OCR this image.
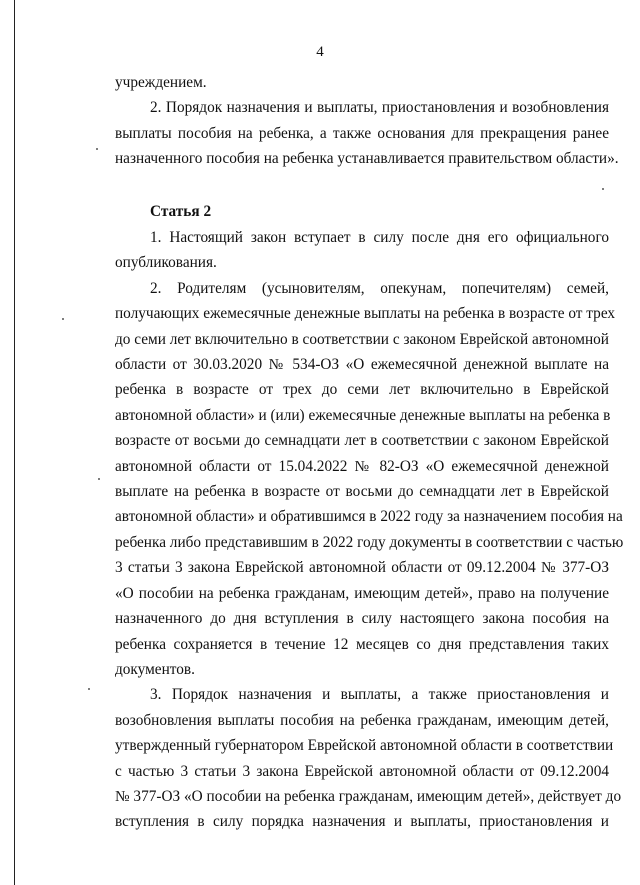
4
учреждением.
2. Порядок назначения и выплаты, приостановления и возобновления
выплаты пособия на ребенка, а также основания для прекращения ранее
назначенного пособия на ребенка устанавливается правительством области».
Статья 2
1. Настоящий закон вступает в силу после дня его официального
опубликования.
2. Родителям (усыновителям, опекунам, попечителям) семей,
получающих ежемесячные денежные выплаты на ребенка в возрасте от трех
до семи лет включительно в соответствии с законом Еврейской автономной
области от 30.03.2020 № 534-ОЗ «О ежемесячной денежной выплате на
ребенка в возрасте от трех до семи лет включительно в Еврейской
автономной области» и (или) ежемесячные денежные выплаты на ребенка в
возрасте от восьми до семнадцати лет в соответствии с законом Еврейской
автономной области от 15.04.2022 № 82-ОЗ «О ежемесячной денежной
выплате на ребенка в возрасте от восьми до семнадцати лет в Еврейской
автономной области» и обратившимся в 2022 году за назначением пособия на
ребенка либо представившим в 2022 году документы в соответствии с частью
3 статьи 3 закона Еврейской автономной области от 09.12.2004 № 377-ОЗ
«О пособии на ребенка гражданам, имеющим детей», право на получение
назначенного до дня вступления в силу настоящего закона пособия на
ребенка сохраняется в течение 12 месяцев со дня представления таких
документов.
3. Порядок назначения и выплаты, а также приостановления и
возобновления выплаты пособия на ребенка гражданам, имеющим детей,
утвержденный губернатором Еврейской автономной области в соответствии
с частью 3 статьи 3 закона Еврейской автономной области от 09.12.2004
№ 377-ОЗ «О пособии на ребенка гражданам, имеющим детей», действует до
вступления в силу порядка назначения и выплаты, приостановления и
